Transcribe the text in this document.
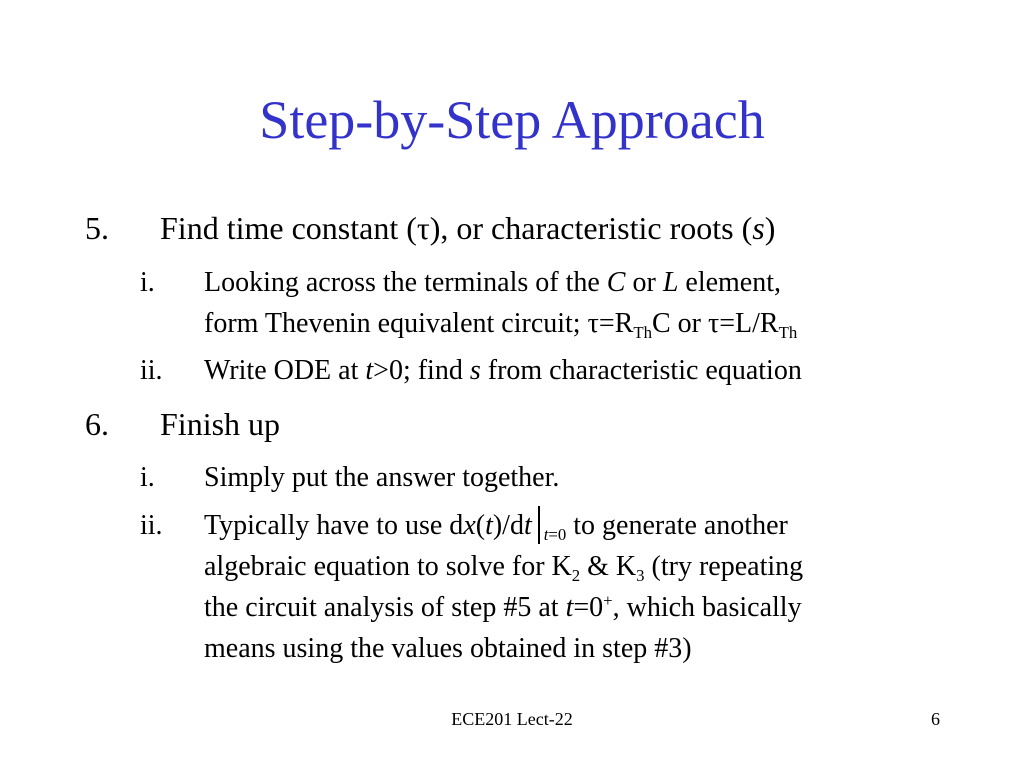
Step-by-Step Approach
5. Find time constant (τ), or characteristic roots (s)
i. Looking across the terminals of the C or L element,
form Thevenin equivalent circuit; $\tau=R_{Th}C$ or $\tau=L/R_{Th}$
ii. Write ODE at t>0; find s from characteristic equation
6. Finish up
i. Simply put the answer together.
ii. Typically have to use dx(t)/dt $_{t=0}$ to generate another
algebraic equation to solve for $K_2$ & $K_3$ (try repeating
the circuit analysis of step #5 at t=0+, which basically
means using the values obtained in step #3)
ECE201 Lect-22	6
